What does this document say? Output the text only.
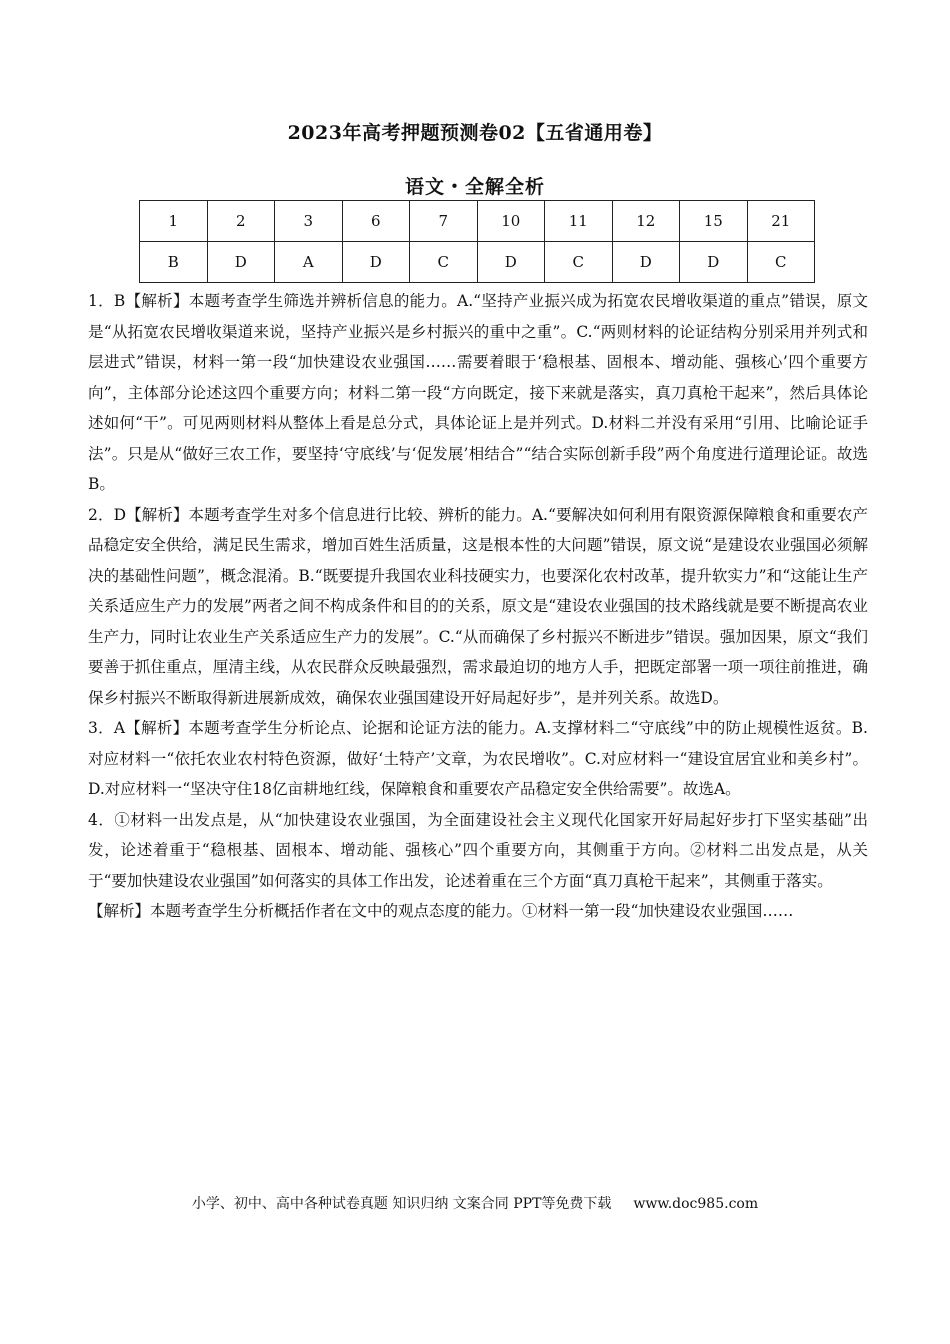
2023年高考押题预测卷02【五省通用卷】
语文・全解全析
1	2	3	6	7	10	11	12	15	21
B	D	A	D	C	D	C	D	D	C

1．B【解析】本题考查学生筛选并辨析信息的能力。A.“坚持产业振兴成为拓宽农民增收渠道的重点”错误，原文是“从拓宽农民增收渠道来说，坚持产业振兴是乡村振兴的重中之重”。C.“两则材料的论证结构分别采用并列式和层进式”错误，材料一第一段“加快建设农业强国……需要着眼于‘稳根基、固根本、增动能、强核心’四个重要方向”，主体部分论述这四个重要方向；材料二第一段“方向既定，接下来就是落实，真刀真枪干起来”，然后具体论述如何“干”。可见两则材料从整体上看是总分式，具体论证上是并列式。D.材料二并没有采用“引用、比喻论证手法”。只是从“做好三农工作，要坚持‘守底线’与‘促发展’相结合”“结合实际创新手段”两个角度进行道理论证。故选B。

2．D【解析】本题考查学生对多个信息进行比较、辨析的能力。A.“要解决如何利用有限资源保障粮食和重要农产品稳定安全供给，满足民生需求，增加百姓生活质量，这是根本性的大问题”错误，原文说“是建设农业强国必须解决的基础性问题”，概念混淆。B.“既要提升我国农业科技硬实力，也要深化农村改革，提升软实力”和“这能让生产关系适应生产力的发展”两者之间不构成条件和目的的关系，原文是“建设农业强国的技术路线就是要不断提高农业生产力，同时让农业生产关系适应生产力的发展”。C.“从而确保了乡村振兴不断进步”错误。强加因果，原文“我们要善于抓住重点，厘清主线，从农民群众反映最强烈，需求最迫切的地方人手，把既定部署一项一项往前推进，确保乡村振兴不断取得新进展新成效，确保农业强国建设开好局起好步”，是并列关系。故选D。

3．A【解析】本题考查学生分析论点、论据和论证方法的能力。A.支撑材料二“守底线”中的防止规模性返贫。B.对应材料一“依托农业农村特色资源，做好‘土特产’文章，为农民增收”。C.对应材料一“建设宜居宜业和美乡村”。D.对应材料一“坚决守住18亿亩耕地红线，保障粮食和重要农产品稳定安全供给需要”。故选A。

4．①材料一出发点是，从“加快建设农业强国，为全面建设社会主义现代化国家开好局起好步打下坚实基础”出发，论述着重于“稳根基、固根本、增动能、强核心”四个重要方向，其侧重于方向。②材料二出发点是，从关于“要加快建设农业强国”如何落实的具体工作出发，论述着重在三个方面“真刀真枪干起来”，其侧重于落实。

【解析】本题考查学生分析概括作者在文中的观点态度的能力。①材料一第一段“加快建设农业强国……

小学、初中、高中各种试卷真题 知识归纳 文案合同 PPT等免费下载 www.doc985.com
